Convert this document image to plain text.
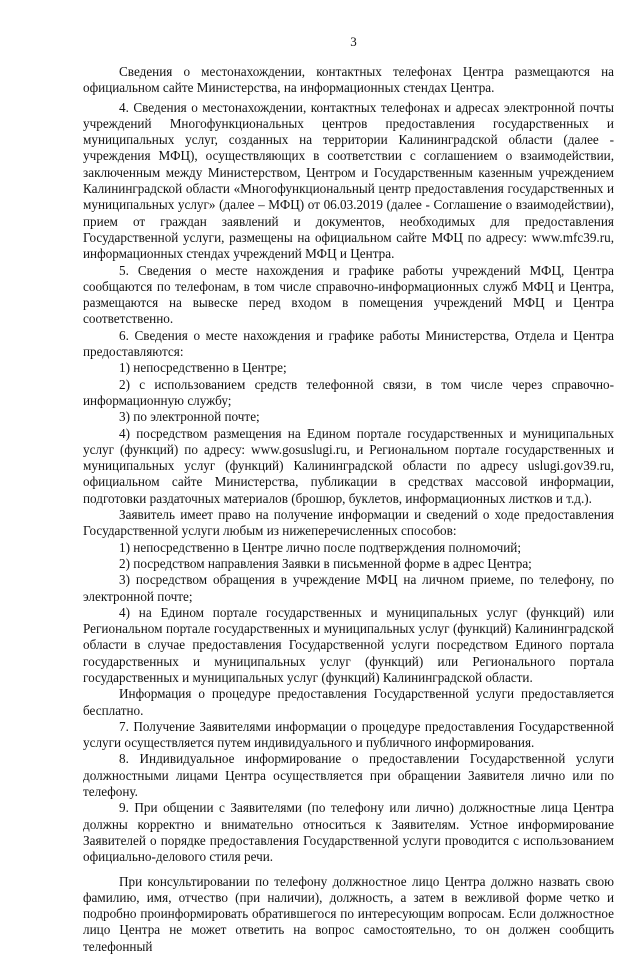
3

Сведения о местонахождении, контактных телефонах Центра размещаются на официальном сайте Министерства, на информационных стендах Центра.

4. Сведения о местонахождении, контактных телефонах и адресах электронной почты учреждений Многофункциональных центров предоставления государственных и муниципальных услуг, созданных на территории Калининградской области (далее - учреждения МФЦ), осуществляющих в соответствии с соглашением о взаимодействии, заключенным между Министерством, Центром и Государственным казенным учреждением Калининградской области «Многофункциональный центр предоставления государственных и муниципальных услуг» (далее – МФЦ) от 06.03.2019 (далее - Соглашение о взаимодействии), прием от граждан заявлений и документов, необходимых для предоставления Государственной услуги, размещены на официальном сайте МФЦ по адресу: www.mfc39.ru, информационных стендах учреждений МФЦ и Центра.

5. Сведения о месте нахождения и графике работы учреждений МФЦ, Центра сообщаются по телефонам, в том числе справочно-информационных служб МФЦ и Центра, размещаются на вывеске перед входом в помещения учреждений МФЦ и Центра соответственно.

6. Сведения о месте нахождения и графике работы Министерства, Отдела и Центра предоставляются:

1) непосредственно в Центре;

2) с использованием средств телефонной связи, в том числе через справочно-информационную службу;

3) по электронной почте;

4) посредством размещения на Едином портале государственных и муниципальных услуг (функций) по адресу: www.gosuslugi.ru, и Региональном портале государственных и муниципальных услуг (функций) Калининградской области по адресу uslugi.gov39.ru, официальном сайте Министерства, публикации в средствах массовой информации, подготовки раздаточных материалов (брошюр, буклетов, информационных листков и т.д.).

Заявитель имеет право на получение информации и сведений о ходе предоставления Государственной услуги любым из нижеперечисленных способов:

1) непосредственно в Центре лично после подтверждения полномочий;

2) посредством направления Заявки в письменной форме в адрес Центра;

3) посредством обращения в учреждение МФЦ на личном приеме, по телефону, по электронной почте;

4) на Едином портале государственных и муниципальных услуг (функций) или Региональном портале государственных и муниципальных услуг (функций) Калининградской области в случае предоставления Государственной услуги посредством Единого портала государственных и муниципальных услуг (функций) или Регионального портала государственных и муниципальных услуг (функций) Калининградской области.

Информация о процедуре предоставления Государственной услуги предоставляется бесплатно.

7. Получение Заявителями информации о процедуре предоставления Государственной услуги осуществляется путем индивидуального и публичного информирования.

8. Индивидуальное информирование о предоставлении Государственной услуги должностными лицами Центра осуществляется при обращении Заявителя лично или по телефону.

9. При общении с Заявителями (по телефону или лично) должностные лица Центра должны корректно и внимательно относиться к Заявителям. Устное информирование Заявителей о порядке предоставления Государственной услуги проводится с использованием официально-делового стиля речи.

При консультировании по телефону должностное лицо Центра должно назвать свою фамилию, имя, отчество (при наличии), должность, а затем в вежливой форме четко и подробно проинформировать обратившегося по интересующим вопросам. Если должностное лицо Центра не может ответить на вопрос самостоятельно, то он должен сообщить телефонный
